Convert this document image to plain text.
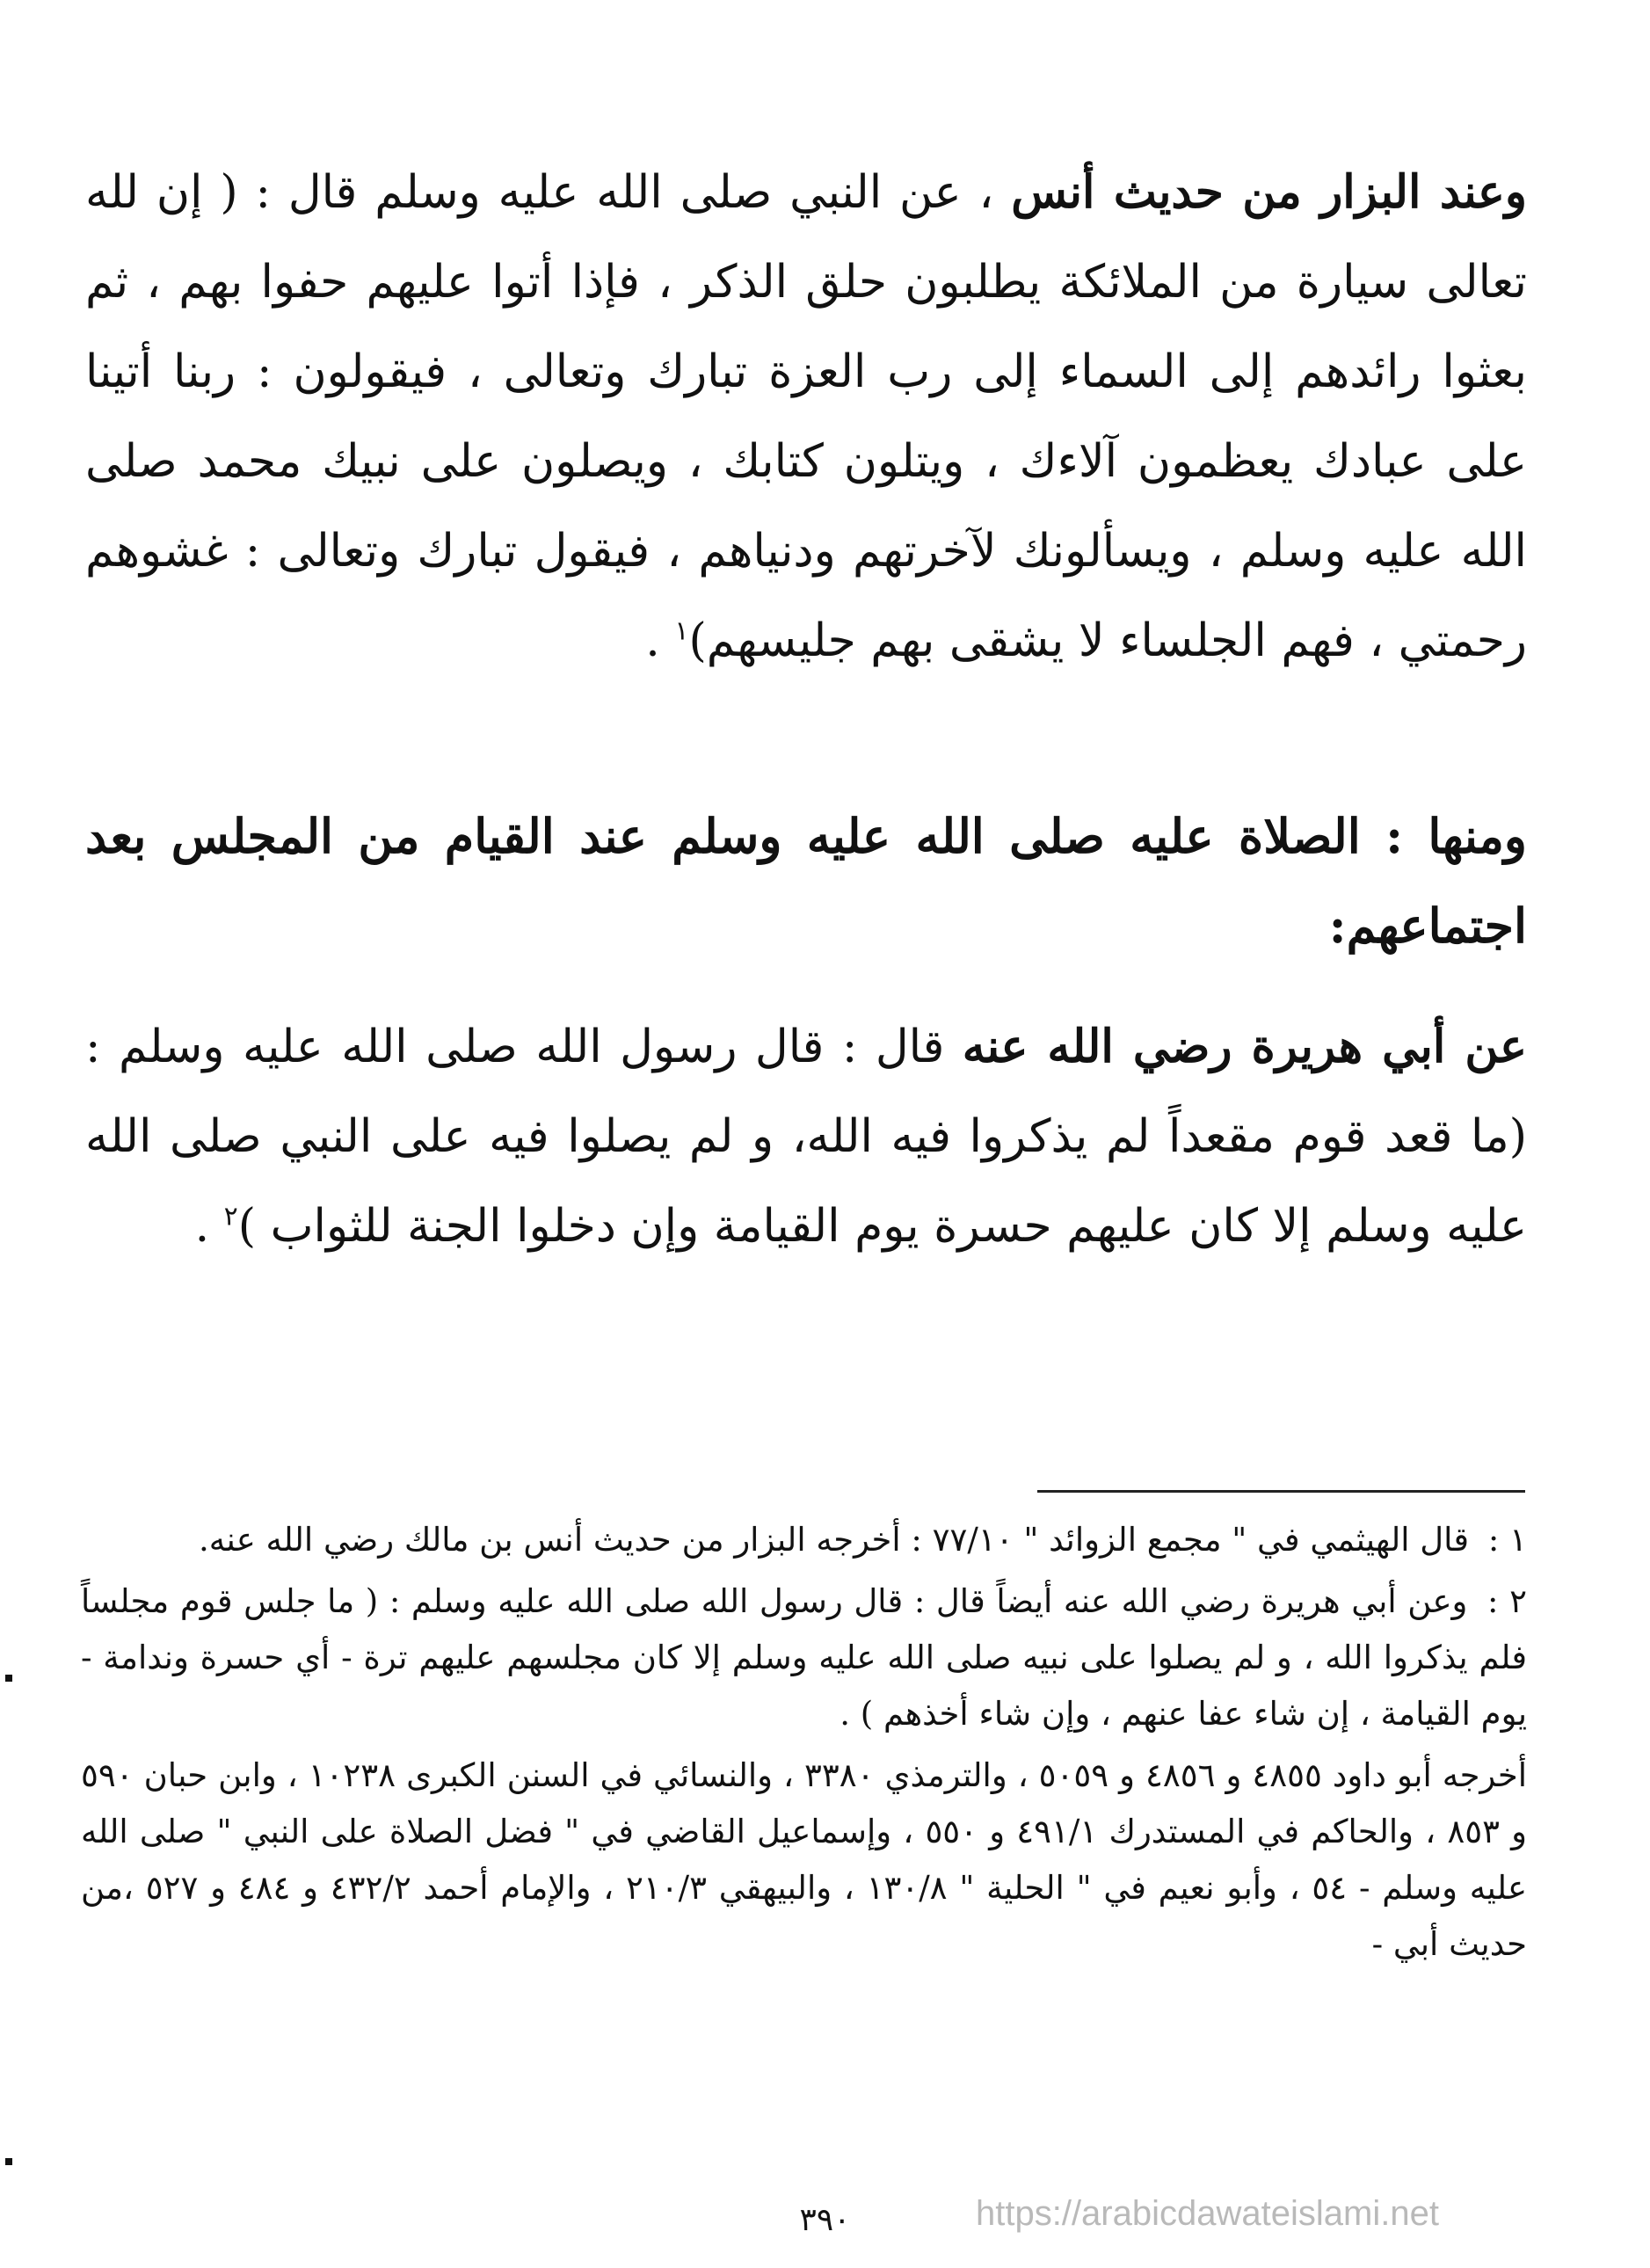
وعند البزار من حديث أنس ، عن النبي صلى الله عليه وسلم قال : ( إن لله تعالى سيارة من الملائكة يطلبون حلق الذكر ، فإذا أتوا عليهم حفوا بهم ، ثم بعثوا رائدهم إلى السماء إلى رب العزة تبارك وتعالى ، فيقولون : ربنا أتينا على عبادك يعظمون آلاءك ، ويتلون كتابك ، ويصلون على نبيك محمد صلى الله عليه وسلم ، ويسألونك لآخرتهم ودنياهم ، فيقول تبارك وتعالى : غشوهم رحمتي ، فهم الجلساء لا يشقى بهم جليسهم)$^١$ .

ومنها : الصلاة عليه صلى الله عليه وسلم عند القيام من المجلس بعد اجتماعهم:

عن أبي هريرة رضي الله عنه قال : قال رسول الله صلى الله عليه وسلم : (ما قعد قوم مقعداً لم يذكروا فيه الله، و لم يصلوا فيه على النبي صلى الله عليه وسلم إلا كان عليهم حسرة يوم القيامة وإن دخلوا الجنة للثواب )$^٢$ .

١ : قال الهيثمي في " مجمع الزوائد " ٧٧/١٠ : أخرجه البزار من حديث أنس بن مالك رضي الله عنه.

٢ : وعن أبي هريرة رضي الله عنه أيضاً قال : قال رسول الله صلى الله عليه وسلم : ( ما جلس قوم مجلساً فلم يذكروا الله ، و لم يصلوا على نبيه صلى الله عليه وسلم إلا كان مجلسهم عليهم ترة - أي حسرة وندامة - يوم القيامة ، إن شاء عفا عنهم ، وإن شاء أخذهم ) .

أخرجه أبو داود ٤٨٥٥ و ٤٨٥٦ و ٥٠٥٩ ، والترمذي ٣٣٨٠ ، والنسائي في السنن الكبرى ١٠٢٣٨ ، وابن حبان ٥٩٠ و ٨٥٣ ، والحاكم في المستدرك ٤٩١/١ و ٥٥٠ ، وإسماعيل القاضي في " فضل الصلاة على النبي " صلى الله عليه وسلم - ٥٤ ، وأبو نعيم في " الحلية " ١٣٠/٨ ، والبيهقي ٢١٠/٣ ، والإمام أحمد ٤٣٢/٢ و ٤٨٤ و ٥٢٧ ،من حديث أبي -

٣٩٠	https://arabicdawateislami.net
